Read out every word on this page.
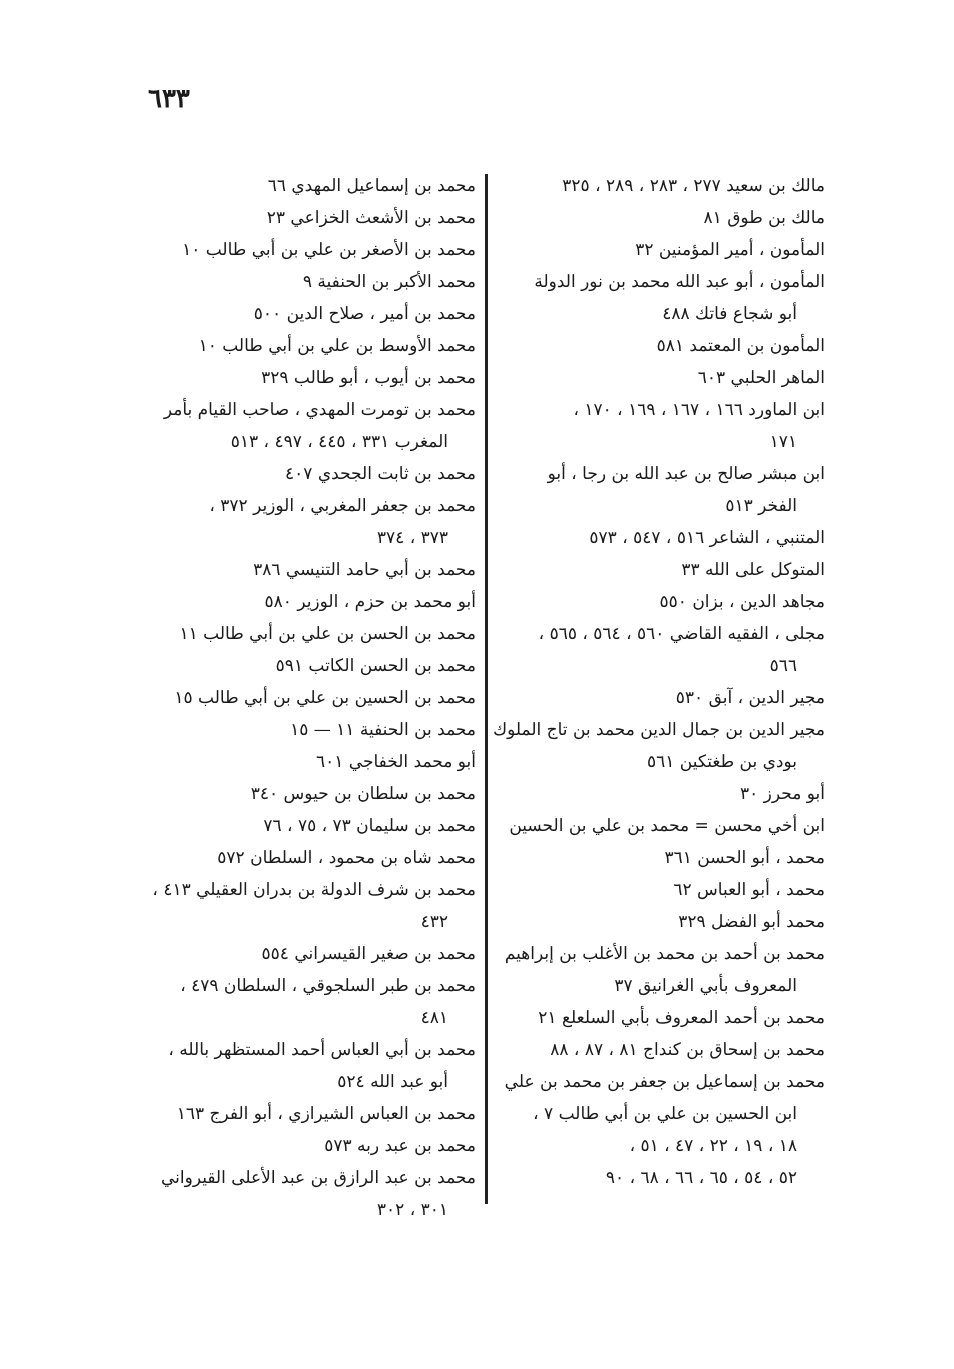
٦٣٣
مالك بن سعيد ٢٧٧ ، ٢٨٣ ، ٢٨٩ ، ٣٢٥
مالك بن طوق ٨١
المأمون ، أمير المؤمنين ٣٢
المأمون ، أبو عبد الله محمد بن نور الدولة
أبو شجاع فاتك ٤٨٨
المأمون بن المعتمد ٥٨١
الماهر الحلبي ٦٠٣
ابن الماورد ١٦٦ ، ١٦٧ ، ١٦٩ ، ١٧٠ ،
١٧١
ابن مبشر صالح بن عبد الله بن رجا ، أبو
الفخر ٥١٣
المتنبي ، الشاعر ٥١٦ ، ٥٤٧ ، ٥٧٣
المتوكل على الله ٣٣
مجاهد الدين ، بزان ٥٥٠
مجلى ، الفقيه القاضي ٥٦٠ ، ٥٦٤ ، ٥٦٥ ،
٥٦٦
مجير الدين ، آبق ٥٣٠
مجير الدين بن جمال الدين محمد بن تاج الملوك
بودي بن طغتكين ٥٦١
أبو محرز ٣٠
ابن أخي محسن = محمد بن علي بن الحسين
محمد ، أبو الحسن ٣٦١
محمد ، أبو العباس ٦٢
محمد أبو الفضل ٣٢٩
محمد بن أحمد بن محمد بن الأغلب بن إبراهيم
المعروف بأبي الغرانيق ٣٧
محمد بن أحمد المعروف بأبي السلعلع ٢١
محمد بن إسحاق بن كنداج ٨١ ، ٨٧ ، ٨٨
محمد بن إسماعيل بن جعفر بن محمد بن علي
ابن الحسين بن علي بن أبي طالب ٧ ،
١٨ ، ١٩ ، ٢٢ ، ٤٧ ، ٥١ ،
٥٢ ، ٥٤ ، ٦٥ ، ٦٦ ، ٦٨ ، ٩٠
محمد بن إسماعيل المهدي ٦٦
محمد بن الأشعث الخزاعي ٢٣
محمد بن الأصغر بن علي بن أبي طالب ١٠
محمد الأكبر بن الحنفية ٩
محمد بن أمير ، صلاح الدين ٥٠٠
محمد الأوسط بن علي بن أبي طالب ١٠
محمد بن أيوب ، أبو طالب ٣٢٩
محمد بن تومرت المهدي ، صاحب القيام بأمر
المغرب ٣٣١ ، ٤٤٥ ، ٤٩٧ ، ٥١٣
محمد بن ثابت الجحدي ٤٠٧
محمد بن جعفر المغربي ، الوزير ٣٧٢ ،
٣٧٣ ، ٣٧٤
محمد بن أبي حامد التنيسي ٣٨٦
أبو محمد بن حزم ، الوزير ٥٨٠
محمد بن الحسن بن علي بن أبي طالب ١١
محمد بن الحسن الكاتب ٥٩١
محمد بن الحسين بن علي بن أبي طالب ١٥
محمد بن الحنفية ١١ — ١٥
أبو محمد الخفاجي ٦٠١
محمد بن سلطان بن حيوس ٣٤٠
محمد بن سليمان ٧٣ ، ٧٥ ، ٧٦
محمد شاه بن محمود ، السلطان ٥٧٢
محمد بن شرف الدولة بن بدران العقيلي ٤١٣ ،
٤٣٢
محمد بن صغير القيسراني ٥٥٤
محمد بن طبر السلجوقي ، السلطان ٤٧٩ ،
٤٨١
محمد بن أبي العباس أحمد المستظهر بالله ،
أبو عبد الله ٥٢٤
محمد بن العباس الشيرازي ، أبو الفرج ١٦٣
محمد بن عبد ربه ٥٧٣
محمد بن عبد الرازق بن عبد الأعلى القيرواني
٣٠١ ، ٣٠٢
